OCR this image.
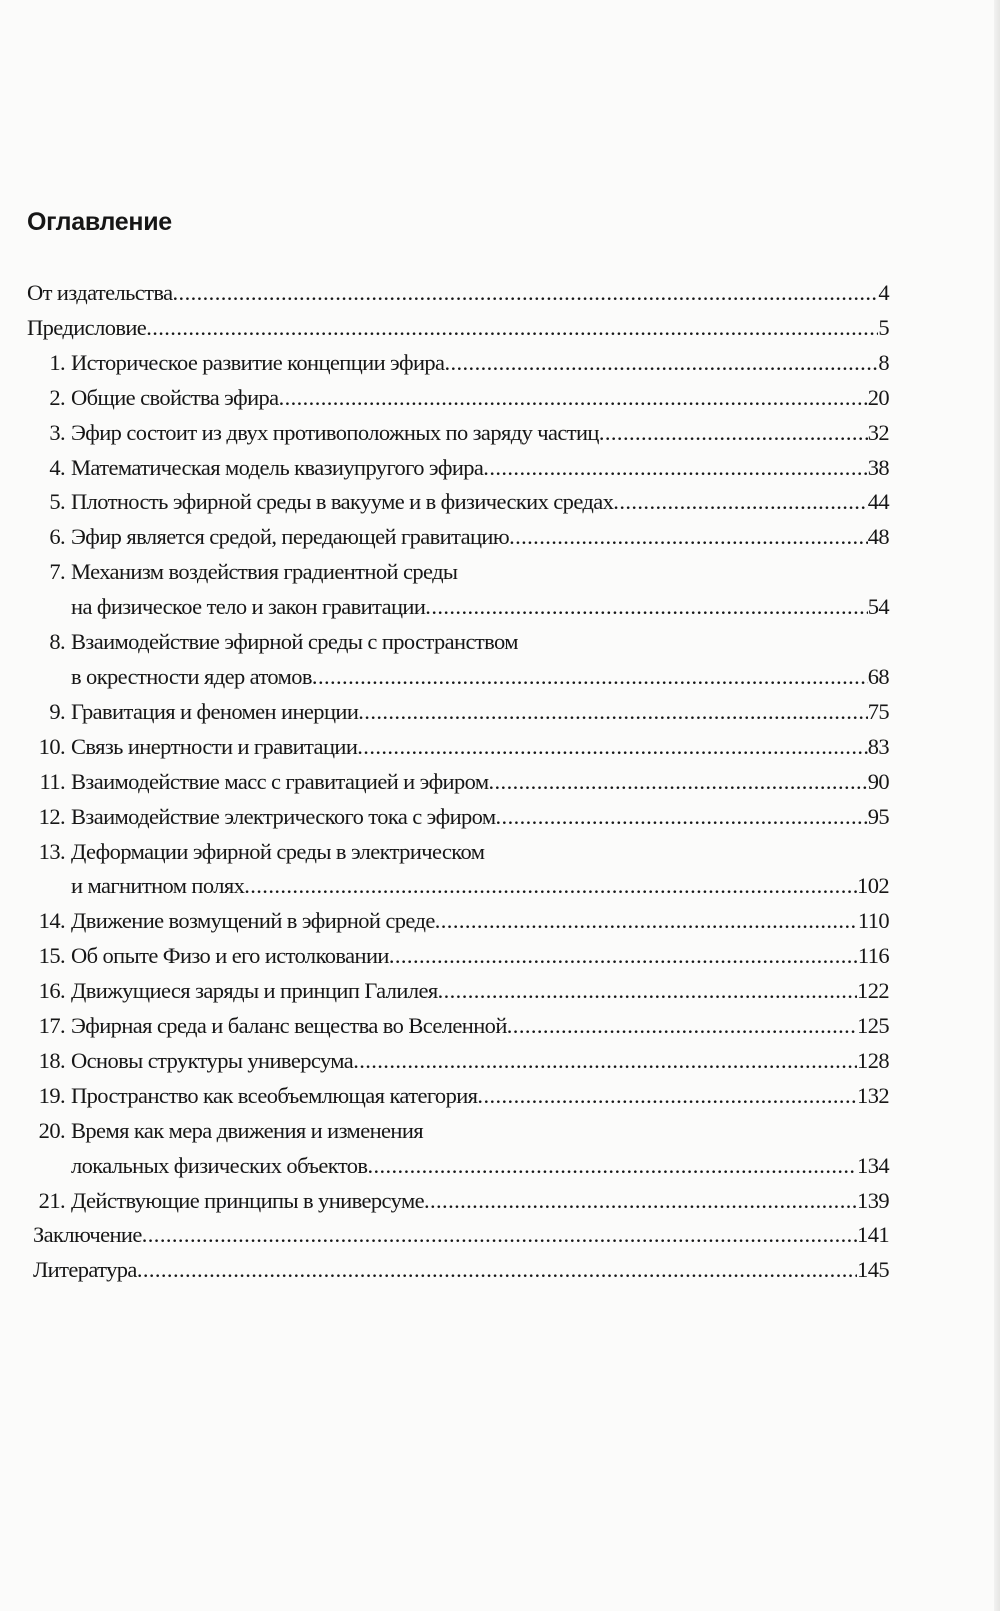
Оглавление
От издательства .....	4
Предисловие .....	5
1. Историческое развитие концепции эфира .....	8
2. Общие свойства эфира .....	20
3. Эфир состоит из двух противоположных по заряду частиц .....	32
4. Математическая модель квазиупругого эфира .....	38
5. Плотность эфирной среды в вакууме и в физических средах .....	44
6. Эфир является средой, передающей гравитацию .....	48
7. Механизм воздействия градиентной среды
на физическое тело и закон гравитации .....	54
8. Взаимодействие эфирной среды с пространством
в окрестности ядер атомов .....	68
9. Гравитация и феномен инерции .....	75
10. Связь инертности и гравитации .....	83
11. Взаимодействие масс с гравитацией и эфиром .....	90
12. Взаимодействие электрического тока с эфиром .....	95
13. Деформации эфирной среды в электрическом
и магнитном полях .....	102
14. Движение возмущений в эфирной среде .....	110
15. Об опыте Физо и его истолковании .....	116
16. Движущиеся заряды и принцип Галилея .....	122
17. Эфирная среда и баланс вещества во Вселенной .....	125
18. Основы структуры универсума .....	128
19. Пространство как всеобъемлющая категория .....	132
20. Время как мера движения и изменения
локальных физических объектов .....	134
21. Действующие принципы в универсуме .....	139
Заключение .....	141
Литература .....	145
